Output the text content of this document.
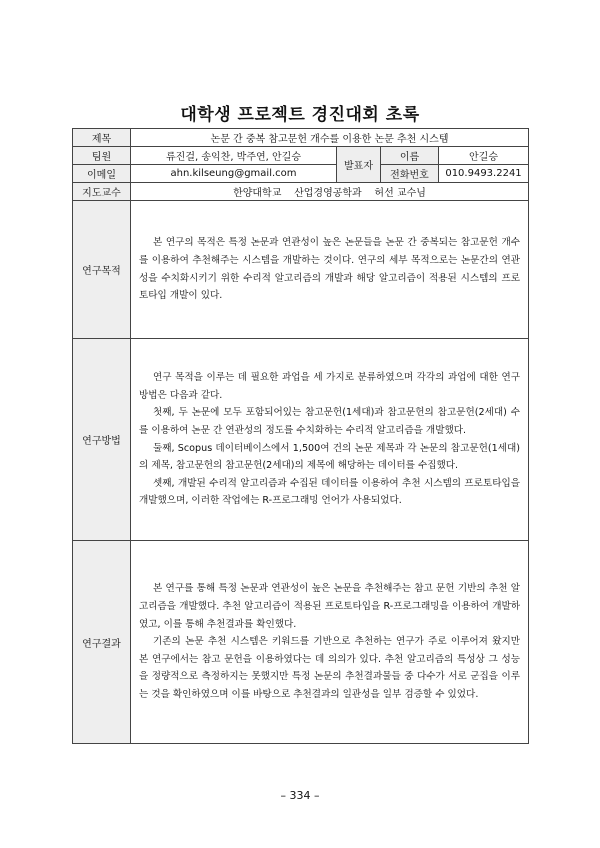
대학생 프로젝트 경진대회 초록
제목	논문 간 중복 참고문헌 개수를 이용한 논문 추천 시스템			
팀원	류진걸, 송익찬, 박주연, 안길승	발표자	이름	안길승
이메일	ahn.kilseung@gmail.com		전화번호	010.9493.2241
지도교수	한양대학교    산업경영공학과    허선 교수님			
연구목적	본 연구의 목적은 특정 논문과 연관성이 높은 논문들을 논문 간 중복되는 참고문헌 개수를 이용하여 추천해주는 시스템을 개발하는 것이다. 연구의 세부 목적으로는 논문간의 연관성을 수치화시키기 위한 수리적 알고리즘의 개발과 해당 알고리즘이 적용된 시스템의 프로토타입 개발이 있다.			

연구방법	연구 목적을 이루는 데 필요한 과업을 세 가지로 분류하였으며 각각의 과업에 대한 연구방법은 다음과 같다.

첫째, 두 논문에 모두 포함되어있는 참고문헌(1세대)과 참고문헌의 참고문헌(2세대) 수를 이용하여 논문 간 연관성의 정도를 수치화하는 수리적 알고리즘을 개발했다.

둘째, Scopus 데이터베이스에서 1,500여 건의 논문 제목과 각 논문의 참고문헌(1세대)의 제목, 참고문헌의 참고문헌(2세대)의 제목에 해당하는 데이터를 수집했다.

셋째, 개발된 수리적 알고리즘과 수집된 데이터를 이용하여 추천 시스템의 프로토타입을 개발했으며, 이러한 작업에는 R-프로그래밍 언어가 사용되었다.			

연구결과	본 연구를 통해 특정 논문과 연관성이 높은 논문을 추천해주는 참고 문헌 기반의 추천 알고리즘을 개발했다. 추천 알고리즘이 적용된 프로토타입을 R-프로그래밍을 이용하여 개발하였고, 이를 통해 추천결과를 확인했다.

기존의 논문 추천 시스템은 키워드를 기반으로 추천하는 연구가 주로 이루어져 왔지만 본 연구에서는 참고 문헌을 이용하였다는 데 의의가 있다. 추천 알고리즘의 특성상 그 성능을 정량적으로 측정하지는 못했지만 특정 논문의 추천결과물들 중 다수가 서로 군집을 이루는 것을 확인하였으며 이를 바탕으로 추천결과의 일관성을 일부 검증할 수 있었다.			

– 334 –
